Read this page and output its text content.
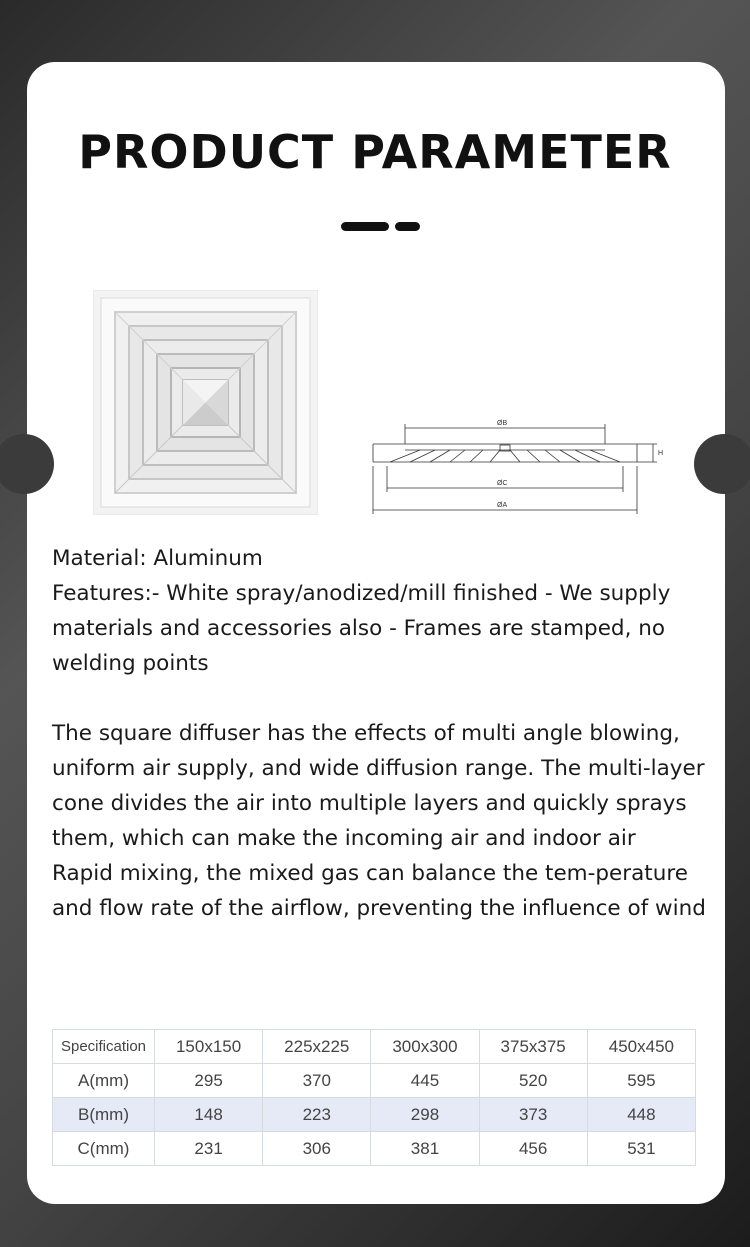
PRODUCT PARAMETER
ØB
ØC
ØA
H

Material: Aluminum

Features:- White spray/anodized/mill finished - We supply materials and accessories also - Frames are stamped, no welding points

The square diffuser has the effects of multi angle blowing, uniform air supply, and wide diffusion range. The multi-layer cone divides the air into multiple layers and quickly sprays them, which can make the incoming air and indoor air

Rapid mixing, the mixed gas can balance the tem-perature and flow rate of the airflow, preventing the influence of wind

Specification	150x150	225x225	300x300	375x375	450x450
A(mm)	295	370	445	520	595
B(mm)	148	223	298	373	448
C(mm)	231	306	381	456	531
